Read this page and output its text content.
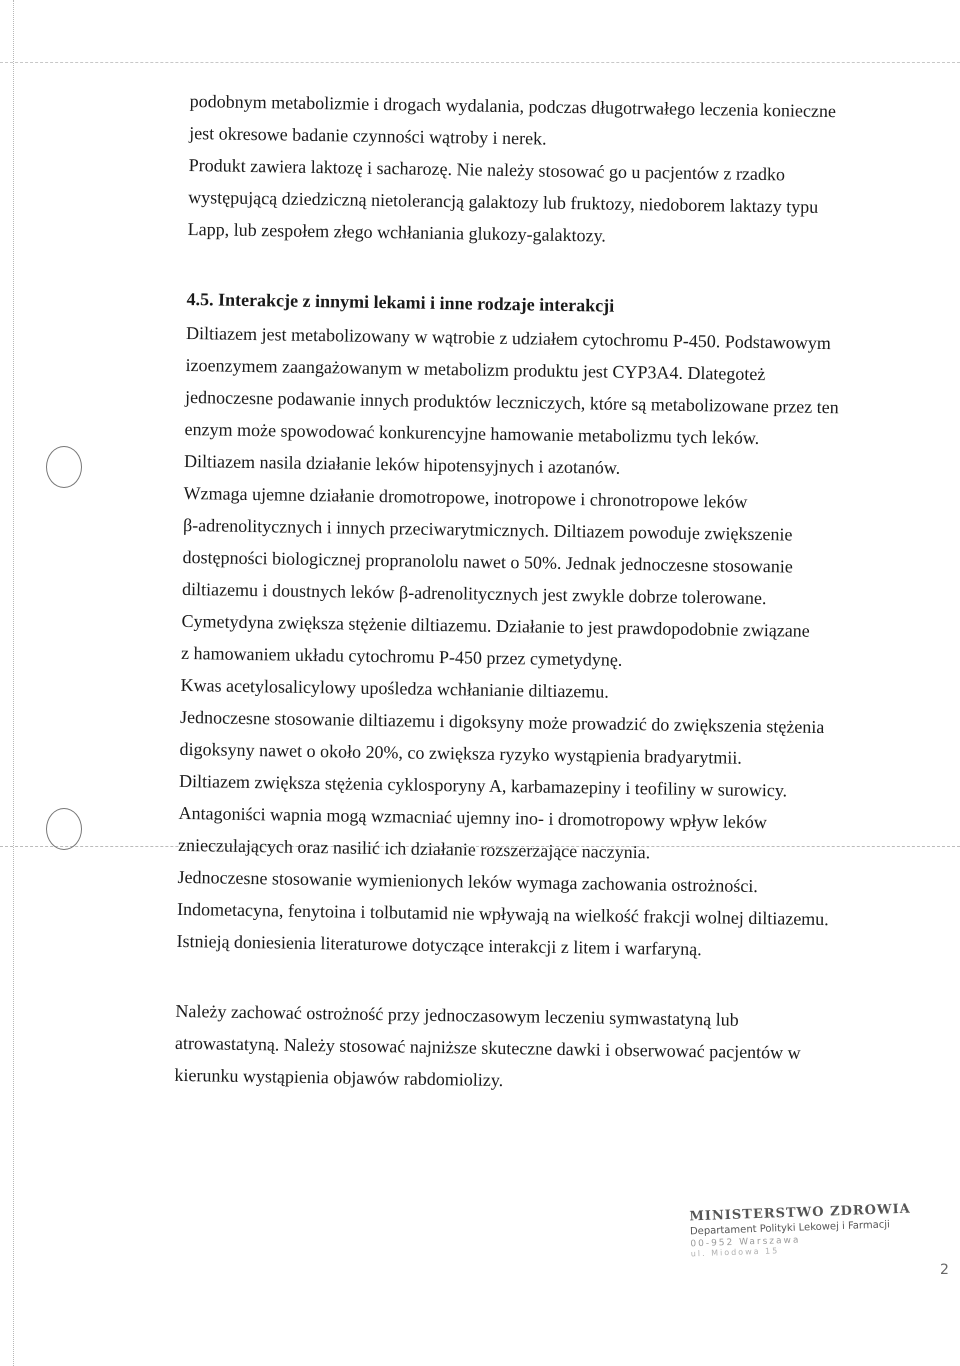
podobnym metabolizmie i drogach wydalania, podczas długotrwałego leczenia konieczne

jest okresowe badanie czynności wątroby i nerek.

Produkt zawiera laktozę i sacharozę. Nie należy stosować go u pacjentów z rzadko

występującą dziedziczną nietolerancją galaktozy lub fruktozy, niedoborem laktazy typu

Lapp, lub zespołem złego wchłaniania glukozy-galaktozy.

4.5. Interakcje z innymi lekami i inne rodzaje interakcji

Diltiazem jest metabolizowany w wątrobie z udziałem cytochromu P-450. Podstawowym

izoenzymem zaangażowanym w metabolizm produktu jest CYP3A4. Dlategoteż

jednoczesne podawanie innych produktów leczniczych, które są metabolizowane przez ten

enzym może spowodować konkurencyjne hamowanie metabolizmu tych leków.

Diltiazem nasila działanie leków hipotensyjnych i azotanów.

Wzmaga ujemne działanie dromotropowe, inotropowe i chronotropowe leków

β-adrenolitycznych i innych przeciwarytmicznych. Diltiazem powoduje zwiększenie

dostępności biologicznej propranololu nawet o 50%. Jednak jednoczesne stosowanie

diltiazemu i doustnych leków β-adrenolitycznych jest zwykle dobrze tolerowane.

Cymetydyna zwiększa stężenie diltiazemu. Działanie to jest prawdopodobnie związane

z hamowaniem układu cytochromu P-450 przez cymetydynę.

Kwas acetylosalicylowy upośledza wchłanianie diltiazemu.

Jednoczesne stosowanie diltiazemu i digoksyny może prowadzić do zwiększenia stężenia

digoksyny nawet o około 20%, co zwiększa ryzyko wystąpienia bradyarytmii.

Diltiazem zwiększa stężenia cyklosporyny A, karbamazepiny i teofiliny w surowicy.

Antagoniści wapnia mogą wzmacniać ujemny ino- i dromotropowy wpływ leków

znieczulających oraz nasilić ich działanie rozszerzające naczynia.

Jednoczesne stosowanie wymienionych leków wymaga zachowania ostrożności.

Indometacyna, fenytoina i tolbutamid nie wpływają na wielkość frakcji wolnej diltiazemu.

Istnieją doniesienia literaturowe dotyczące interakcji z litem i warfaryną.

Należy zachować ostrożność przy jednoczasowym leczeniu symwastatyną lub

atrowastatyną. Należy stosować najniższe skuteczne dawki i obserwować pacjentów w

kierunku wystąpienia objawów rabdomiolizy.

MINISTERSTWO ZDROWIA
Departament Polityki Lekowej i Farmacji
00-952 Warszawa
ul. Miodowa 15
2
